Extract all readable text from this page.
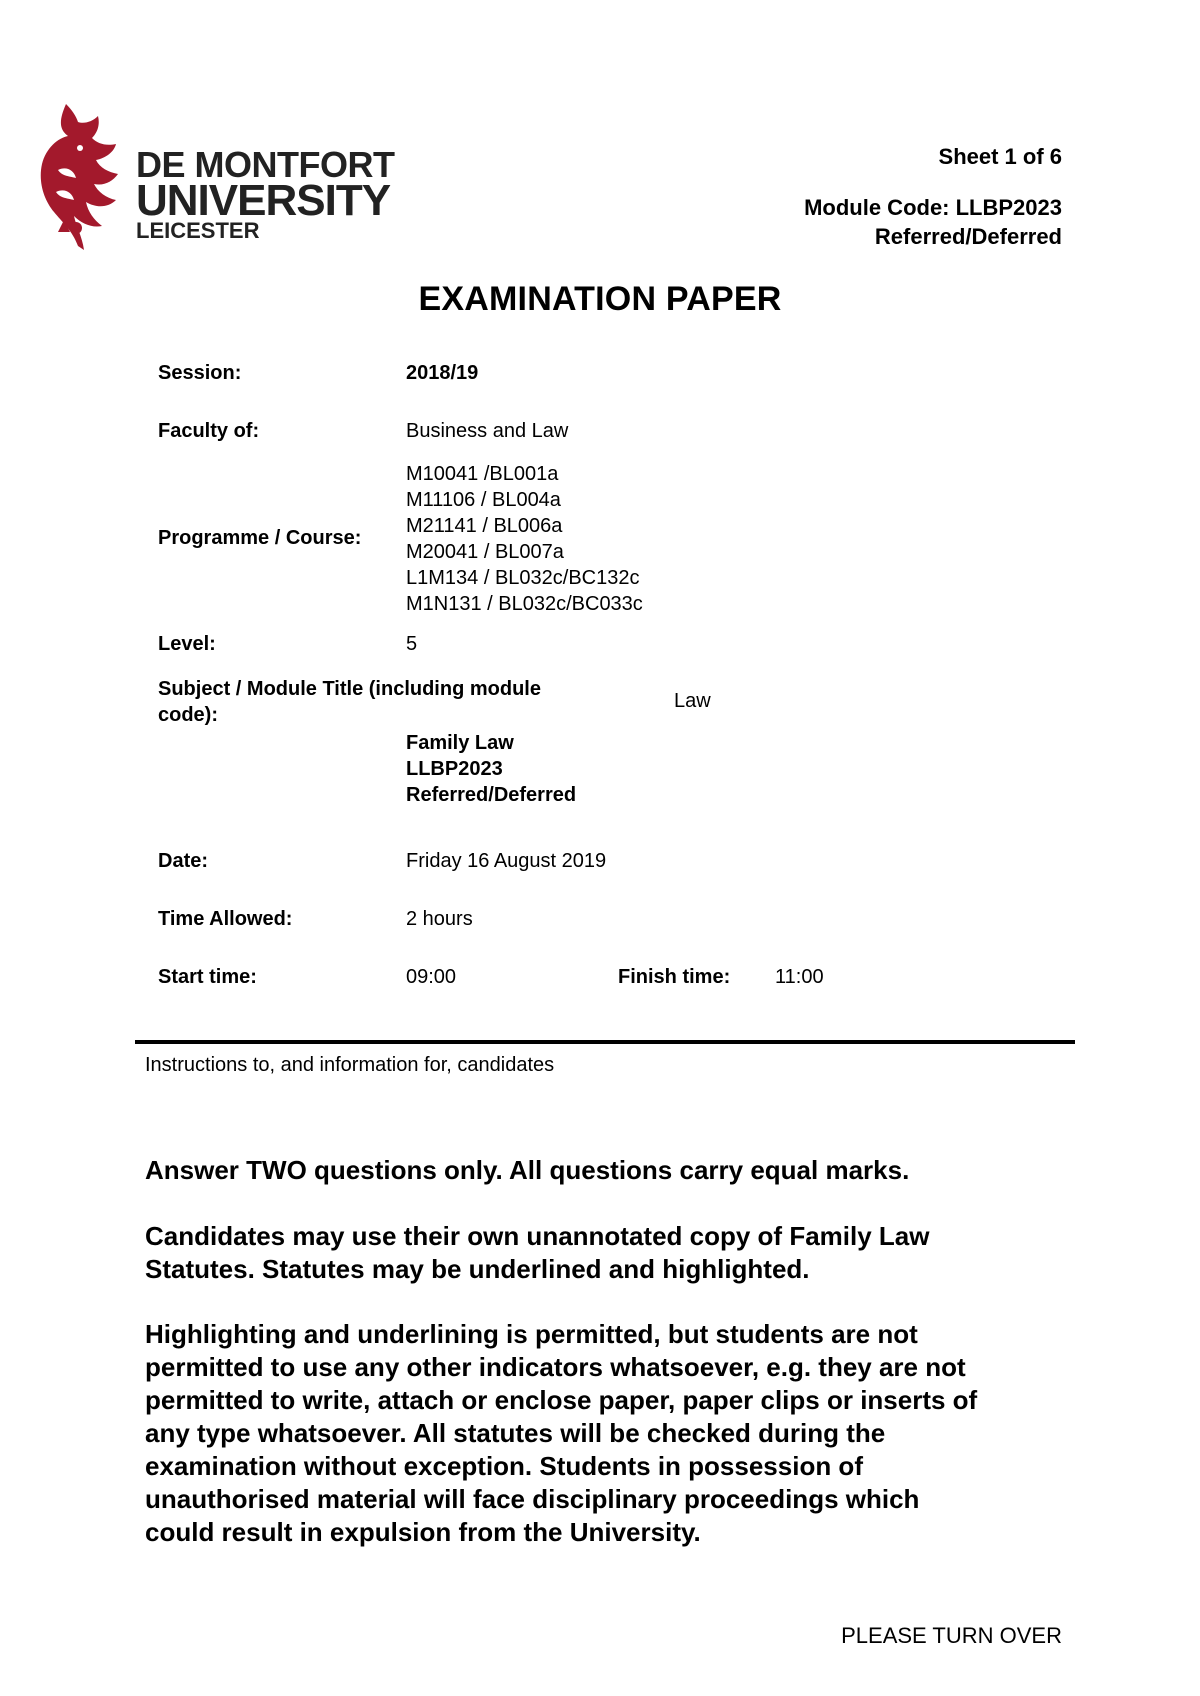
DE MONTFORT
UNIVERSITY
LEICESTER
Sheet 1 of 6
Module Code: LLBP2023
Referred/Deferred
EXAMINATION PAPER
Session:	2018/19
Faculty of:	Business and Law
Programme / Course:
M10041 /BL001a
M11106 / BL004a
M21141 / BL006a
M20041 / BL007a
L1M134 / BL032c/BC132c
M1N131 / BL032c/BC033c
Level:	5
Subject / Module Title (including module
code):
Law
Family Law
LLBP2023
Referred/Deferred
Date:	Friday 16 August 2019
Time Allowed:	2 hours
Start time:	09:00	Finish time: 11:00
Instructions to, and information for, candidates
Answer TWO questions only. All questions carry equal marks.
Candidates may use their own unannotated copy of Family Law
Statutes. Statutes may be underlined and highlighted.
Highlighting and underlining is permitted, but students are not
permitted to use any other indicators whatsoever, e.g. they are not
permitted to write, attach or enclose paper, paper clips or inserts of
any type whatsoever. All statutes will be checked during the
examination without exception. Students in possession of
unauthorised material will face disciplinary proceedings which
could result in expulsion from the University.
PLEASE TURN OVER
